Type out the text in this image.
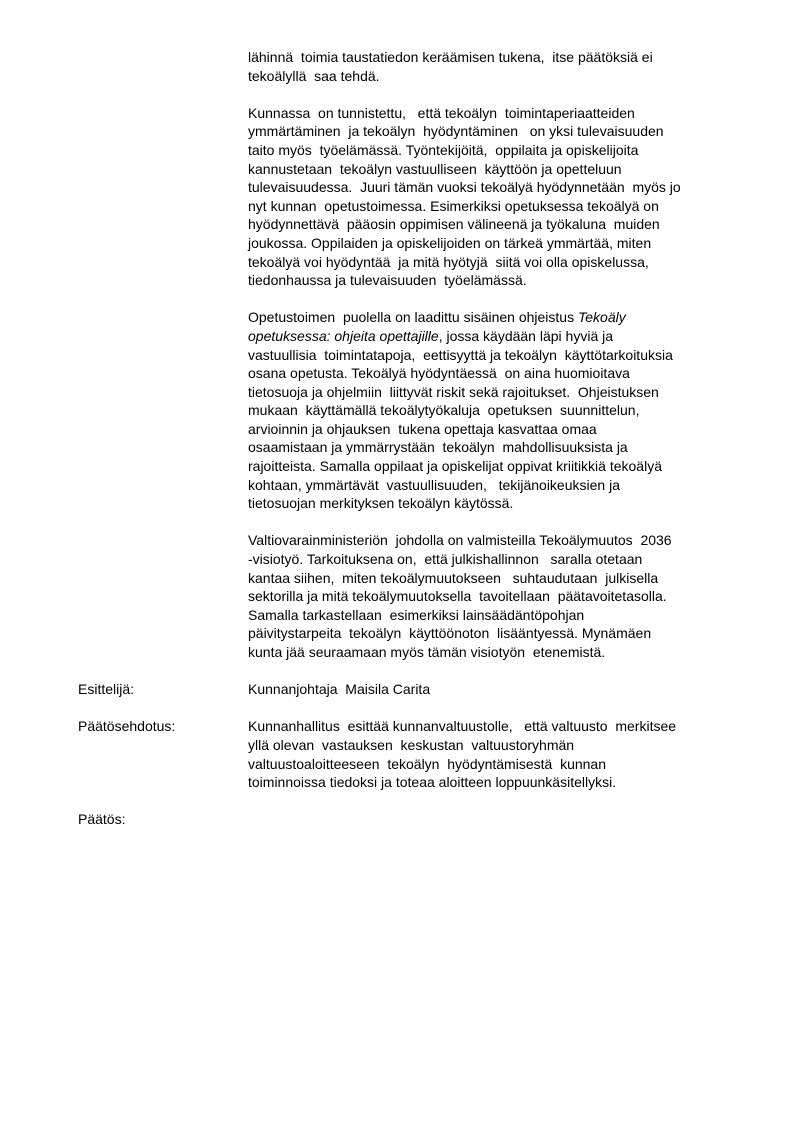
lähinnä  toimia taustatiedon keräämisen tukena,  itse päätöksiä ei
tekoälyllä  saa tehdä.
Kunnassa  on tunnistettu,   että tekoälyn  toimintaperiaatteiden
ymmärtäminen  ja tekoälyn  hyödyntäminen   on yksi tulevaisuuden
taito myös  työelämässä. Työntekijöitä,  oppilaita ja opiskelijoita
kannustetaan  tekoälyn vastuulliseen  käyttöön ja opetteluun
tulevaisuudessa.  Juuri tämän vuoksi tekoälyä hyödynnetään  myös jo
nyt kunnan  opetustoimessa. Esimerkiksi opetuksessa tekoälyä on
hyödynnettävä  pääosin oppimisen välineenä ja työkaluna  muiden
joukossa. Oppilaiden ja opiskelijoiden on tärkeä ymmärtää, miten
tekoälyä voi hyödyntää  ja mitä hyötyjä  siitä voi olla opiskelussa,
tiedonhaussa ja tulevaisuuden  työelämässä.
Opetustoimen  puolella on laadittu sisäinen ohjeistus Tekoäly
opetuksessa: ohjeita opettajille, jossa käydään läpi hyviä ja
vastuullisia  toimintatapoja,  eettisyyttä ja tekoälyn  käyttötarkoituksia
osana opetusta. Tekoälyä hyödyntäessä  on aina huomioitava
tietosuoja ja ohjelmiin  liittyvät riskit sekä rajoitukset.  Ohjeistuksen
mukaan  käyttämällä tekoälytyökaluja  opetuksen  suunnittelun,
arvioinnin ja ohjauksen  tukena opettaja kasvattaa omaa
osaamistaan ja ymmärrystään  tekoälyn  mahdollisuuksista ja
rajoitteista. Samalla oppilaat ja opiskelijat oppivat kriitikkiä tekoälyä
kohtaan, ymmärtävät  vastuullisuuden,   tekijänoikeuksien ja
tietosuojan merkityksen tekoälyn käytössä.
Valtiovarainministeriön  johdolla on valmisteilla Tekoälymuutos  2036
-visiotyö. Tarkoituksena on,  että julkishallinnon   saralla otetaan
kantaa siihen,  miten tekoälymuutokseen   suhtaudutaan  julkisella
sektorilla ja mitä tekoälymuutoksella  tavoitellaan  päätavoitetasolla.
Samalla tarkastellaan  esimerkiksi lainsäädäntöpohjan
päivitystarpeita  tekoälyn  käyttöönoton  lisääntyessä. Mynämäen
kunta jää seuraamaan myös tämän visiotyön  etenemistä.
Esittelijä:	Kunnanjohtaja  Maisila Carita
Päätösehdotus:	Kunnanhallitus  esittää kunnanvaltuustolle,   että valtuusto  merkitsee
yllä olevan  vastauksen  keskustan  valtuustoryhmän
valtuustoaloitteeseen  tekoälyn  hyödyntämisestä  kunnan
toiminnoissa tiedoksi ja toteaa aloitteen loppuunkäsitellyksi.
Päätös:
